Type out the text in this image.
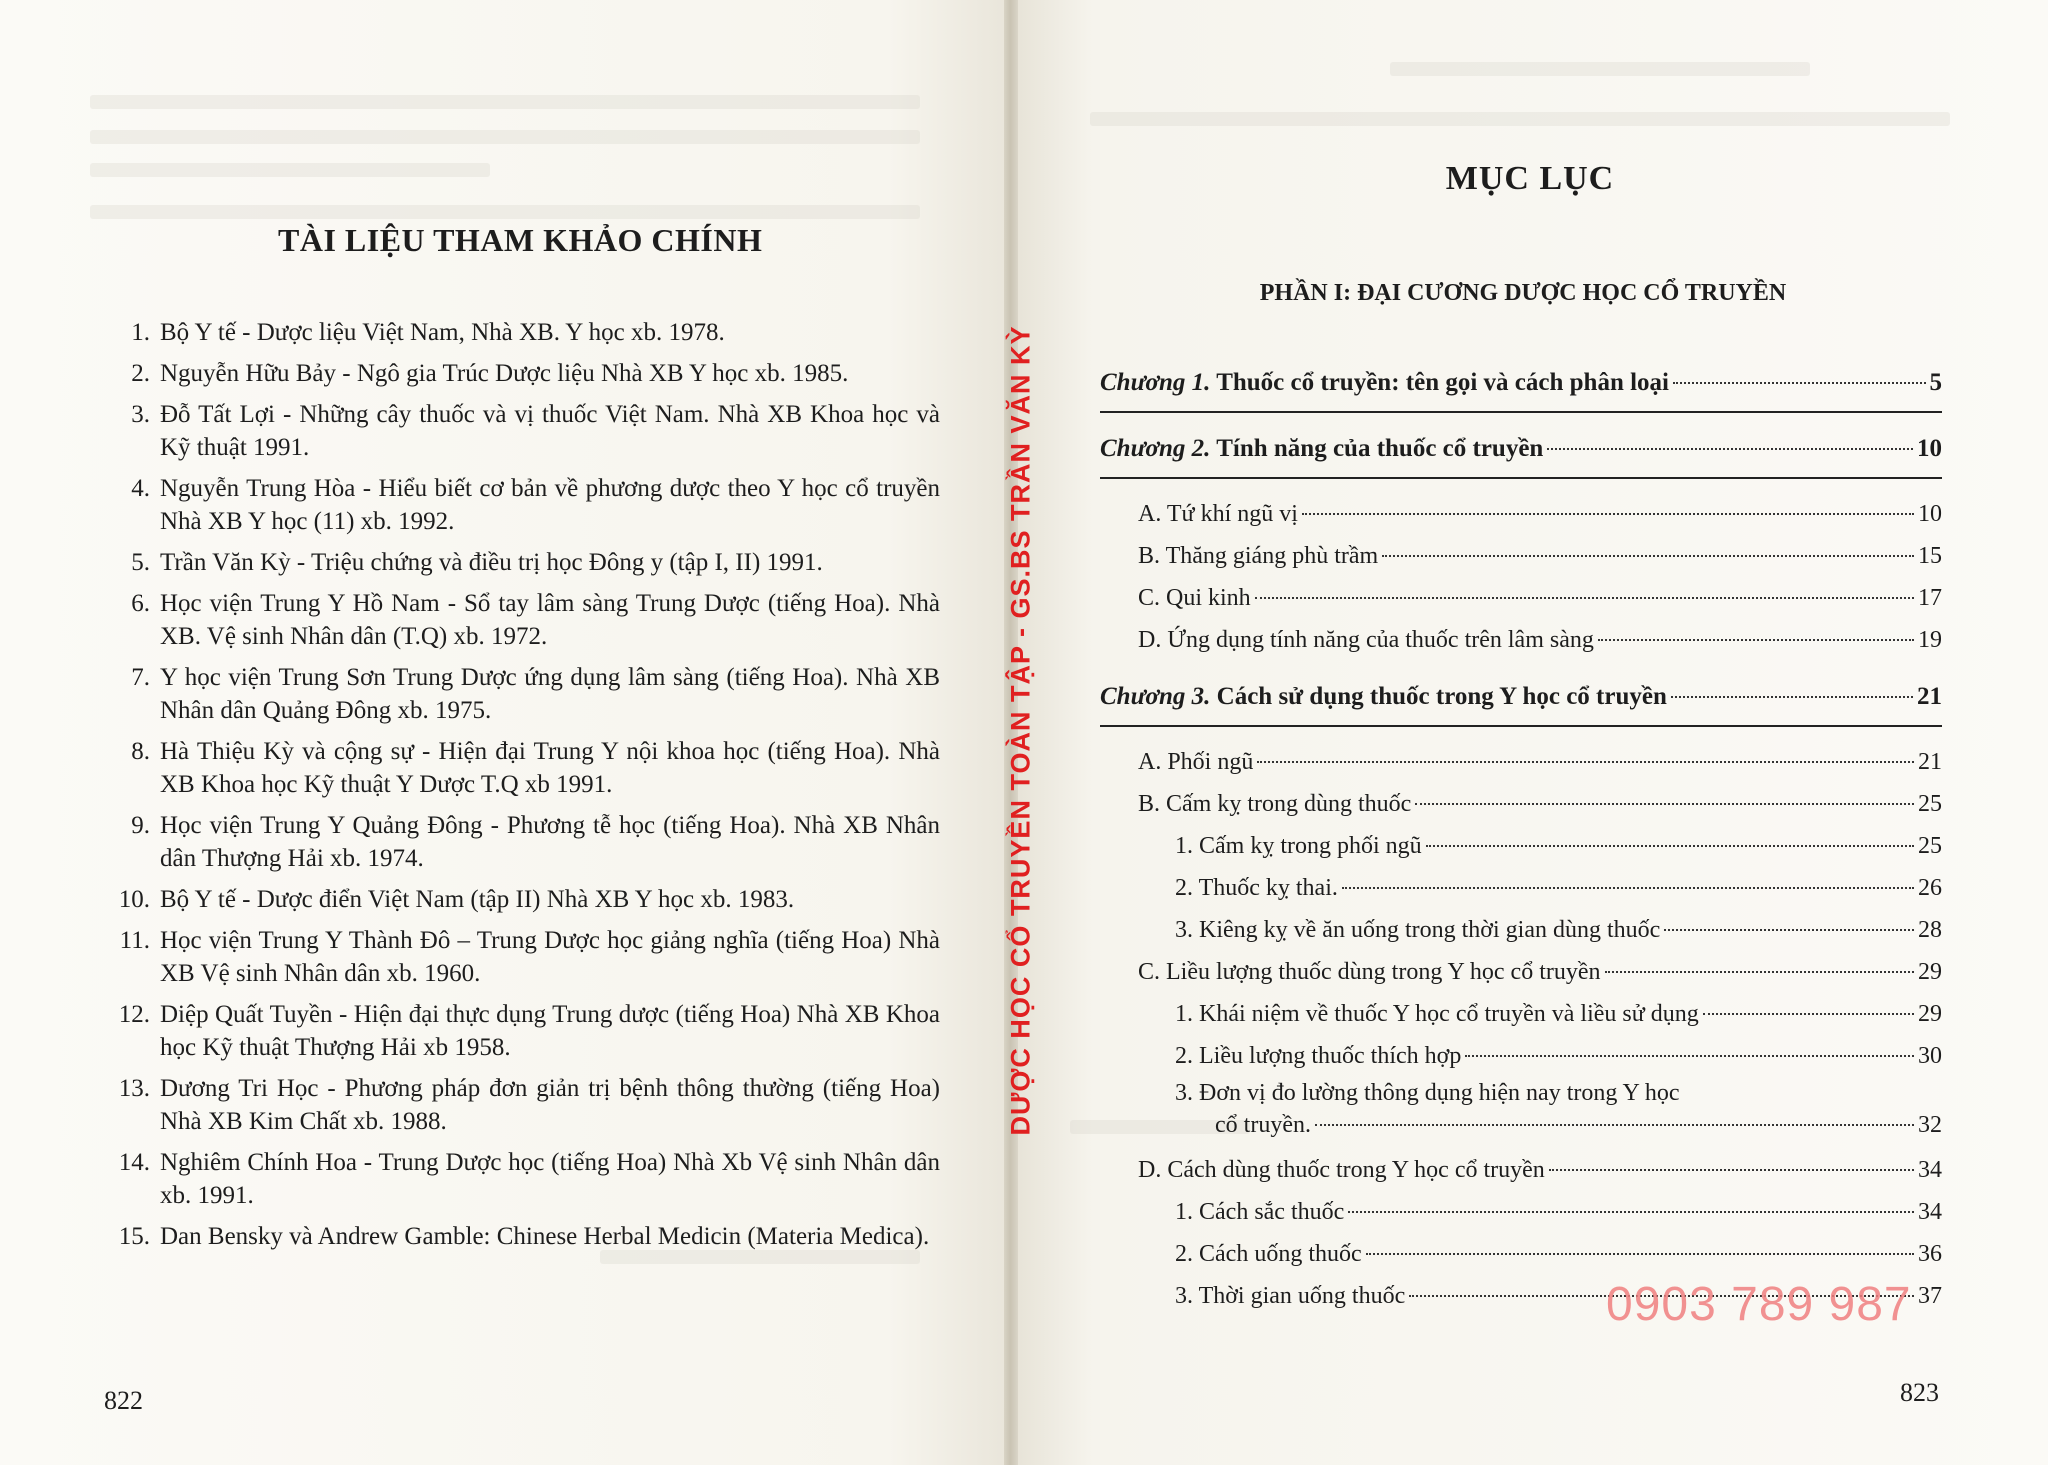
TÀI LIỆU THAM KHẢO CHÍNH
1. Bộ Y tế - Dược liệu Việt Nam, Nhà XB. Y học xb. 1978.
2. Nguyễn Hữu Bảy - Ngô gia Trúc Dược liệu Nhà XB Y học xb. 1985.
3. Đỗ Tất Lợi - Những cây thuốc và vị thuốc Việt Nam. Nhà XB Khoa học và Kỹ thuật 1991.
4. Nguyễn Trung Hòa - Hiểu biết cơ bản về phương dược theo Y học cổ truyền Nhà XB Y học (11) xb. 1992.
5. Trần Văn Kỳ - Triệu chứng và điều trị học Đông y (tập I, II) 1991.
6. Học viện Trung Y Hồ Nam - Sổ tay lâm sàng Trung Dược (tiếng Hoa). Nhà XB. Vệ sinh Nhân dân (T.Q) xb. 1972.
7. Y học viện Trung Sơn Trung Dược ứng dụng lâm sàng (tiếng Hoa). Nhà XB Nhân dân Quảng Đông xb. 1975.
8. Hà Thiệu Kỳ và cộng sự - Hiện đại Trung Y nội khoa học (tiếng Hoa). Nhà XB Khoa học Kỹ thuật Y Dược T.Q xb 1991.
9. Học viện Trung Y Quảng Đông - Phương tễ học (tiếng Hoa). Nhà XB Nhân dân Thượng Hải xb. 1974.
10. Bộ Y tế - Dược điển Việt Nam (tập II) Nhà XB Y học xb. 1983.
11. Học viện Trung Y Thành Đô – Trung Dược học giảng nghĩa (tiếng Hoa) Nhà XB Vệ sinh Nhân dân xb. 1960.
12. Diệp Quất Tuyền - Hiện đại thực dụng Trung dược (tiếng Hoa) Nhà XB Khoa học Kỹ thuật Thượng Hải xb 1958.
13. Dương Tri Học - Phương pháp đơn giản trị bệnh thông thường (tiếng Hoa) Nhà XB Kim Chất xb. 1988.
14. Nghiêm Chính Hoa - Trung Dược học (tiếng Hoa) Nhà Xb Vệ sinh Nhân dân xb. 1991.
15. Dan Bensky và Andrew Gamble: Chinese Herbal Medicin (Materia Medica).
822
MỤC LỤC
PHẦN I: ĐẠI CƯƠNG DƯỢC HỌC CỔ TRUYỀN
Chương 1. Thuốc cổ truyền: tên gọi và cách phân loại	5
Chương 2. Tính năng của thuốc cổ truyền	10
A. Tứ khí ngũ vị	10
B. Thăng giáng phù trầm	15
C. Qui kinh	17
D. Ứng dụng tính năng của thuốc trên lâm sàng	19
Chương 3. Cách sử dụng thuốc trong Y học cổ truyền	21
A. Phối ngũ	21
B. Cấm kỵ trong dùng thuốc	25
1. Cấm kỵ trong phối ngũ	25
2. Thuốc kỵ thai.	26
3. Kiêng kỵ về ăn uống trong thời gian dùng thuốc	28
C. Liều lượng thuốc dùng trong Y học cổ truyền	29
1. Khái niệm về thuốc Y học cổ truyền và liều sử dụng	29
2. Liều lượng thuốc thích hợp	30
3. Đơn vị đo lường thông dụng hiện nay trong Y học
cổ truyền.	32
D. Cách dùng thuốc trong Y học cổ truyền	34
1. Cách sắc thuốc	34
2. Cách uống thuốc	36
3. Thời gian uống thuốc	37
0903 789 987
823
DƯỢC HỌC CỔ TRUYỀN TOÀN TẬP - GS.BS TRẦN VĂN KỲ
